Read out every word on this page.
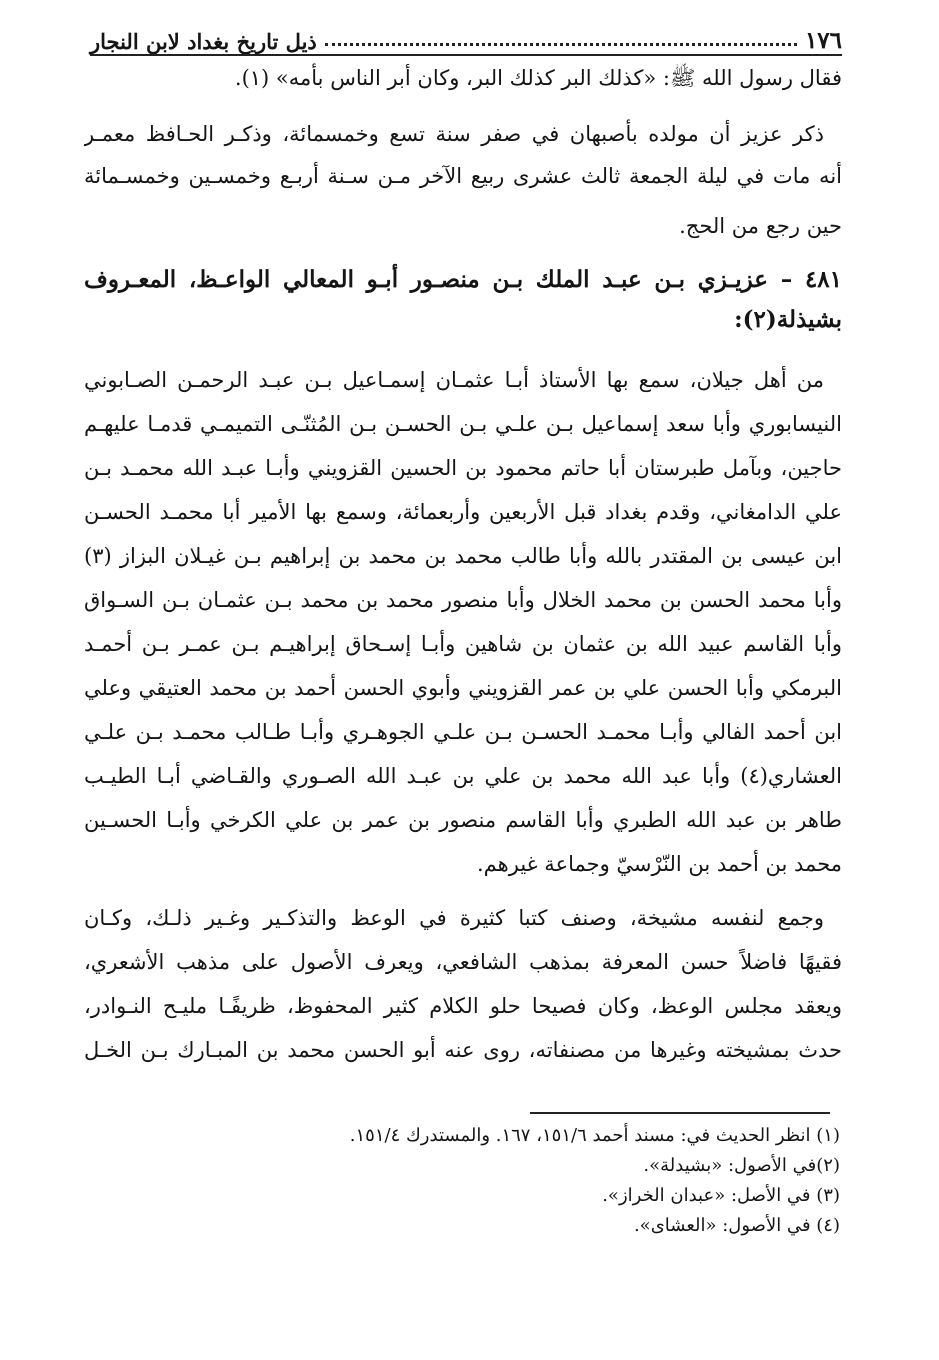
١٧٦
ذيل تاريخ بغداد لابن النجار
فقال رسول الله ﷺ: «كذلك البر كذلك البر، وكان أبر الناس بأمه» (١).
ذكر عزيز أن مولده بأصبهان في صفر سنة تسع وخمسمائة، وذكـر الحـافظ معمـر
أنه مات في ليلة الجمعة ثالث عشرى ربيع الآخر مـن سـنة أربـع وخمسـين وخمسـمائة
حين رجع من الحج.
٤٨١ – عزيـزي بـن عبـد الملك بـن منصـور أبـو المعالي الواعـظ، المعـروف
بشيذلة(٢):
من أهل جيلان، سمع بها الأستاذ أبـا عثمـان إسمـاعيل بـن عبـد الرحمـن الصـابوني
النيسابوري وأبا سعد إسماعيل بـن علـي بـن الحسـن بـن المُثنّـى التميمـي قدمـا عليهـم
حاجين، وبآمل طبرستان أبا حاتم محمود بن الحسين القزويني وأبـا عبـد الله محمـد بـن
علي الدامغاني، وقدم بغداد قبل الأربعين وأربعمائة، وسمع بها الأمير أبا محمـد الحسـن
ابن عيسى بن المقتدر بالله وأبا طالب محمد بن محمد بن إبراهيم بـن غيـلان البزاز (٣)
وأبا محمد الحسن بن محمد الخلال وأبا منصور محمد بن محمد بـن عثمـان بـن السـواق
وأبا القاسم عبيد الله بن عثمان بن شاهين وأبـا إسـحاق إبراهيـم بـن عمـر بـن أحمـد
البرمكي وأبا الحسن علي بن عمر القزويني وأبوي الحسن أحمد بن محمد العتيقي وعلي
ابن أحمد الفالي وأبـا محمـد الحسـن بـن علـي الجوهـري وأبـا طـالب محمـد بـن علـي
العشاري(٤) وأبا عبد الله محمد بن علي بن عبـد الله الصـوري والقـاضي أبـا الطيـب
طاهر بن عبد الله الطبري وأبا القاسم منصور بن عمر بن علي الكرخي وأبـا الحسـين
محمد بن أحمد بن النّرْسيّ وجماعة غيرهم.
وجمع لنفسه مشيخة، وصنف كتبا كثيرة في الوعظ والتذكـير وغـير ذلـك، وكـان
فقيهًا فاضلاً حسن المعرفة بمذهب الشافعي، ويعرف الأصول على مذهب الأشعري،
ويعقد مجلس الوعظ، وكان فصيحا حلو الكلام كثير المحفوظ، ظريفًـا مليـح النـوادر،
حدث بمشيخته وغيرها من مصنفاته، روى عنه أبو الحسن محمد بن المبـارك بـن الخـل
(١) انظر الحديث في: مسند أحمد ١٥١/٦، ١٦٧. والمستدرك ١٥١/٤.
(٢)في الأصول: «بشيدلة».
(٣) في الأصل: «عبدان الخراز».
(٤) في الأصول: «العشاى».
